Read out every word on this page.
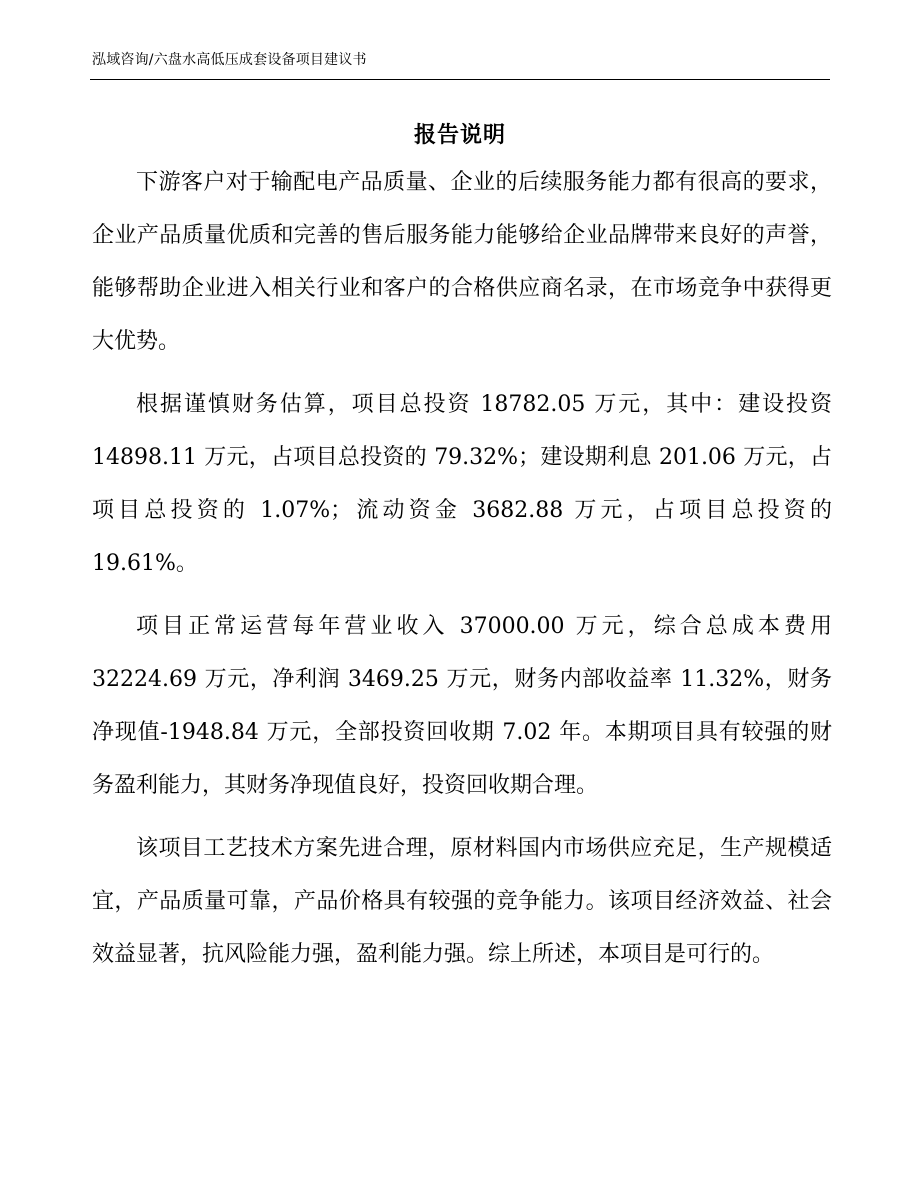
泓域咨询/六盘水高低压成套设备项目建议书
报告说明

下游客户对于输配电产品质量、企业的后续服务能力都有很高的要求，企业产品质量优质和完善的售后服务能力能够给企业品牌带来良好的声誉，能够帮助企业进入相关行业和客户的合格供应商名录，在市场竞争中获得更大优势。

根据谨慎财务估算，项目总投资 18782.05 万元，其中：建设投资 14898.11 万元，占项目总投资的 79.32%；建设期利息 201.06 万元，占项目总投资的 1.07%；流动资金 3682.88 万元，占项目总投资的 19.61%。

项目正常运营每年营业收入 37000.00 万元，综合总成本费用 32224.69 万元，净利润 3469.25 万元，财务内部收益率 11.32%，财务净现值-1948.84 万元，全部投资回收期 7.02 年。本期项目具有较强的财务盈利能力，其财务净现值良好，投资回收期合理。

该项目工艺技术方案先进合理，原材料国内市场供应充足，生产规模适宜，产品质量可靠，产品价格具有较强的竞争能力。该项目经济效益、社会效益显著，抗风险能力强，盈利能力强。综上所述，本项目是可行的。
